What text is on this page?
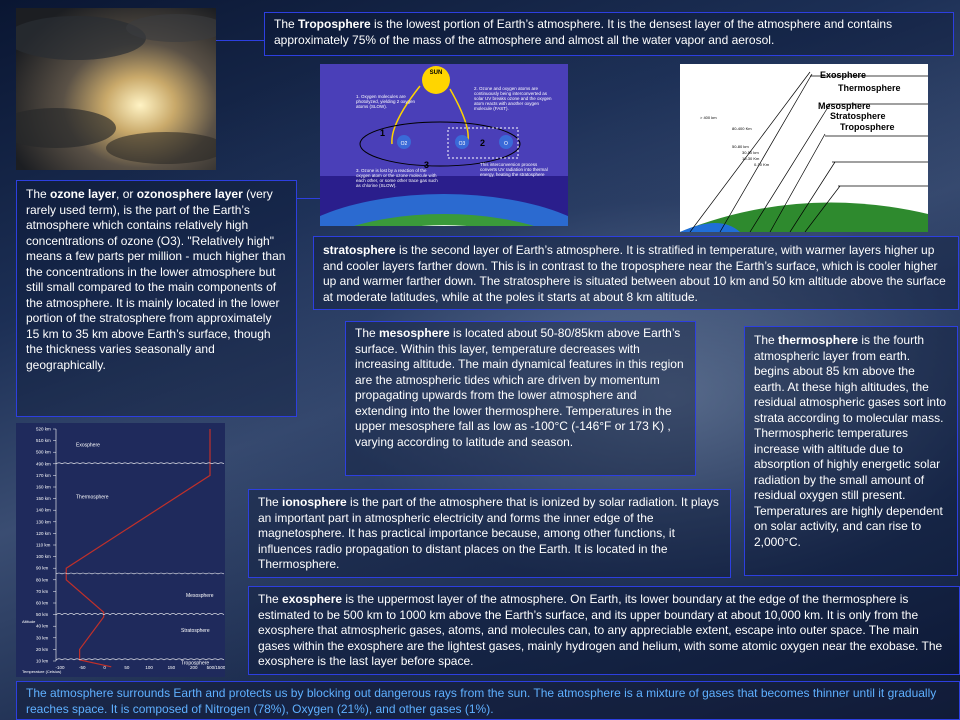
The Troposphere is the lowest portion of Earth’s atmosphere. It is the densest layer of the atmosphere and contains approximately 75% of the mass of the atmosphere and almost all the water vapor and aerosol.
SUN
O2	O3	O
1
2
3
1. Oxygen molecules are photolyzed, yielding 2 oxygen atoms (SLOW).
2. Ozone and oxygen atoms are continuously being interconverted as solar UV breaks ozone and the oxygen atom reacts with another oxygen molecule (FAST).
3. Ozone is lost by a reaction of the oxygen atom or the ozone molecule with each other, or some other trace gas such as chlorine (SLOW).
This interconversion process converts UV radiation into thermal energy, heating the stratosphere
Exosphere
Thermosphere
Mesosphere
Stratosphere
Troposphere
> 400 km
80-400 Km
50-80 km
30-50 km
10-30 Km
0-10 Km
The ozone layer, or ozonosphere layer (very rarely used term), is the part of the Earth’s atmosphere which contains relatively high concentrations of ozone (O3). "Relatively high" means a few parts per million - much higher than the concentrations in the lower atmosphere but still small compared to the main components of the atmosphere. It is mainly located in the lower portion of the stratosphere from approximately 15 km to 35 km above Earth’s surface, though the thickness varies seasonally and geographically.
stratosphere is the second layer of Earth’s atmosphere. It is stratified in temperature, with warmer layers higher up and cooler layers farther down. This is in contrast to the troposphere near the Earth’s surface, which is cooler higher up and warmer farther down. The stratosphere is situated between about 10 km and 50 km altitude above the surface at moderate latitudes, while at the poles it starts at about 8 km altitude.
The mesosphere is located about 50-80/85km above Earth’s surface. Within this layer, temperature decreases with increasing altitude. The main dynamical features in this region are the atmospheric tides which are driven by momentum propagating upwards from the lower atmosphere and extending into the lower thermosphere. Temperatures in the upper mesosphere fall as low as -100°C (-146°F or 173 K) , varying according to latitude and season.
The thermosphere is the fourth atmospheric layer from earth. begins about 85 km above the earth. At these high altitudes, the residual atmospheric gases sort into strata according to molecular mass. Thermospheric temperatures increase with altitude due to absorption of highly energetic solar radiation by the small amount of residual oxygen still present. Temperatures are highly dependent on solar activity, and can rise to 2,000°C.
520 km
510 km
500 km
490 km
170 km
160 km
150 km
140 km
130 km
120 km
110 km
100 km
90 km
80 km
70 km
60 km
50 km
40 km
30 km
20 km
10 km
-100	-50	0	50	100	150	200 500/1500
Exosphere
Thermosphere
Mesosphere
Stratosphere
Troposphere
Altitude
Temperature (Celsius)
The ionosphere is the part of the atmosphere that is ionized by solar radiation. It plays an important part in atmospheric electricity and forms the inner edge of the magnetosphere. It has practical importance because, among other functions, it influences radio propagation to distant places on the Earth. It is located in the Thermosphere.
The exosphere is the uppermost layer of the atmosphere. On Earth, its lower boundary at the edge of the thermosphere is estimated to be 500 km to 1000 km above the Earth’s surface, and its upper boundary at about 10,000 km. It is only from the exosphere that atmospheric gases, atoms, and molecules can, to any appreciable extent, escape into outer space. The main gases within the exosphere are the lightest gases, mainly hydrogen and helium, with some atomic oxygen near the exobase. The exosphere is the last layer before space.
The atmosphere surrounds Earth and protects us by blocking out dangerous rays from the sun. The atmosphere is a mixture of gases that becomes thinner until it gradually reaches space. It is composed of Nitrogen (78%), Oxygen (21%), and other gases (1%).
